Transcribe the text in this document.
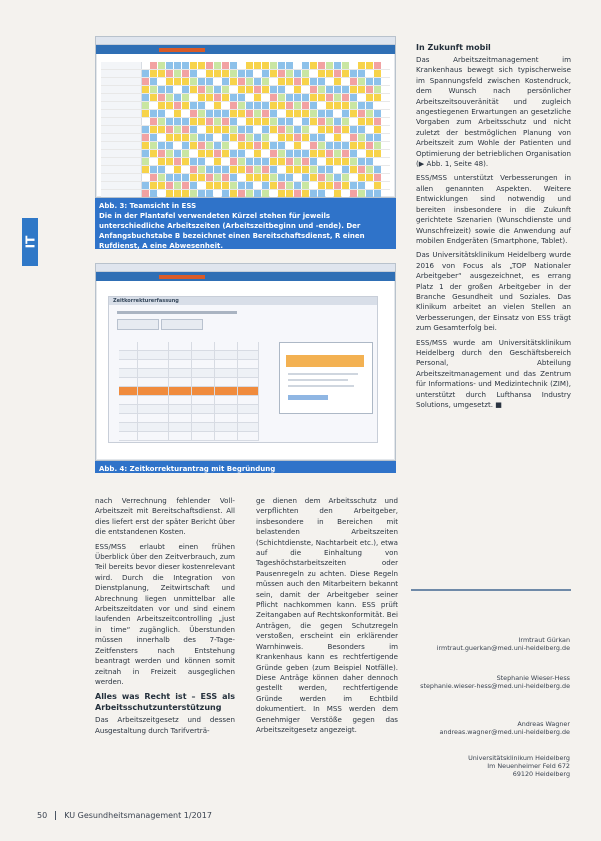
IT
Abb. 3: Teamsicht in ESS
Die in der Plantafel verwendeten Kürzel stehen für jeweils unterschiedliche Arbeitszeiten (Arbeitszeitbeginn und -ende). Der Anfangsbuchstabe B bezeichnet einen Bereitschaftsdienst, R einen Rufdienst, A eine Abwesenheit.
Zeitkorrekturerfassung
Abb. 4: Zeitkorrekturantrag mit Begründung
In Zukunft mobil

Das Arbeitszeitmanagement im Krankenhaus bewegt sich typischerweise im Spannungsfeld zwischen Kostendruck, dem Wunsch nach persönlicher Arbeitszeitsouveränität und zugleich angestiegenen Erwartungen an gesetzliche Vorgaben zum Arbeitsschutz und nicht zuletzt der bestmöglichen Planung von Arbeitszeit zum Wohle der Patienten und Optimierung der betrieblichen Organisation (▶ Abb. 1, Seite 48).

ESS/MSS unterstützt Verbesserungen in allen genannten Aspekten. Weitere Entwicklungen sind notwendig und bereiten insbesondere in die Zukunft gerichtete Szenarien (Wunschdienste und Wunschfreizeit) sowie die Anwendung auf mobilen Endgeräten (Smartphone, Tablet).

Das Universitätsklinikum Heidelberg wurde 2016 von Focus als „TOP Nationaler Arbeitgeber“ ausgezeichnet, es errang Platz 1 der großen Arbeitgeber in der Branche Gesundheit und Soziales. Das Klinikum arbeitet an vielen Stellen an Verbesserungen, der Einsatz von ESS trägt zum Gesamterfolg bei.

ESS/MSS wurde am Universitätsklinikum Heidelberg durch den Geschäftsbereich Personal, Abteilung Arbeitszeitmanagement und das Zentrum für Informations- und Medizintechnik (ZIM), unterstützt durch Lufthansa Industry Solutions, umgesetzt. ■

nach Verrechnung fehlender Voll-Arbeitszeit mit Bereitschaftsdienst. All dies liefert erst der später Bericht über die entstandenen Kosten.

ESS/MSS erlaubt einen frühen Überblick über den Zeitverbrauch, zum Teil bereits bevor dieser kostenrelevant wird. Durch die Integration von Dienstplanung, Zeitwirtschaft und Abrechnung liegen unmittelbar alle Arbeitszeitdaten vor und sind einem laufenden Arbeitszeitcontrolling „just in time“ zugänglich. Überstunden müssen innerhalb des 7-Tage-Zeitfensters nach Entstehung beantragt werden und können somit zeitnah in Freizeit ausgeglichen werden.

Alles was Recht ist – ESS als Arbeitsschutzunterstützung

Das Arbeitszeitgesetz und dessen Ausgestaltung durch Tarifverträ-

ge dienen dem Arbeitsschutz und verpflichten den Arbeitgeber, insbesondere in Bereichen mit belastenden Arbeitszeiten (Schichtdienste, Nachtarbeit etc.), etwa auf die Einhaltung von Tageshöchstarbeitszeiten oder Pausenregeln zu achten. Diese Regeln müssen auch den Mitarbeitern bekannt sein, damit der Arbeitgeber seiner Pflicht nachkommen kann. ESS prüft Zeitangaben auf Rechtskonformität. Bei Anträgen, die gegen Schutzregeln verstoßen, erscheint ein erklärender Warnhinweis. Besonders im Krankenhaus kann es rechtfertigende Gründe geben (zum Beispiel Notfälle). Diese Anträge können daher dennoch gestellt werden, rechtfertigende Gründe werden im Echtbild dokumentiert. In MSS werden dem Genehmiger Verstöße gegen das Arbeitszeitgesetz angezeigt.

Irmtraut Gürkan
irmtraut.guerkan@med.uni-heidelberg.de
Stephanie Wieser-Hess
stephanie.wieser-hess@med.uni-heidelberg.de
Andreas Wagner
andreas.wagner@med.uni-heidelberg.de
Universitätsklinikum Heidelberg
Im Neuenheimer Feld 672
69120 Heidelberg
50 KU Gesundheitsmanagement 1/2017
